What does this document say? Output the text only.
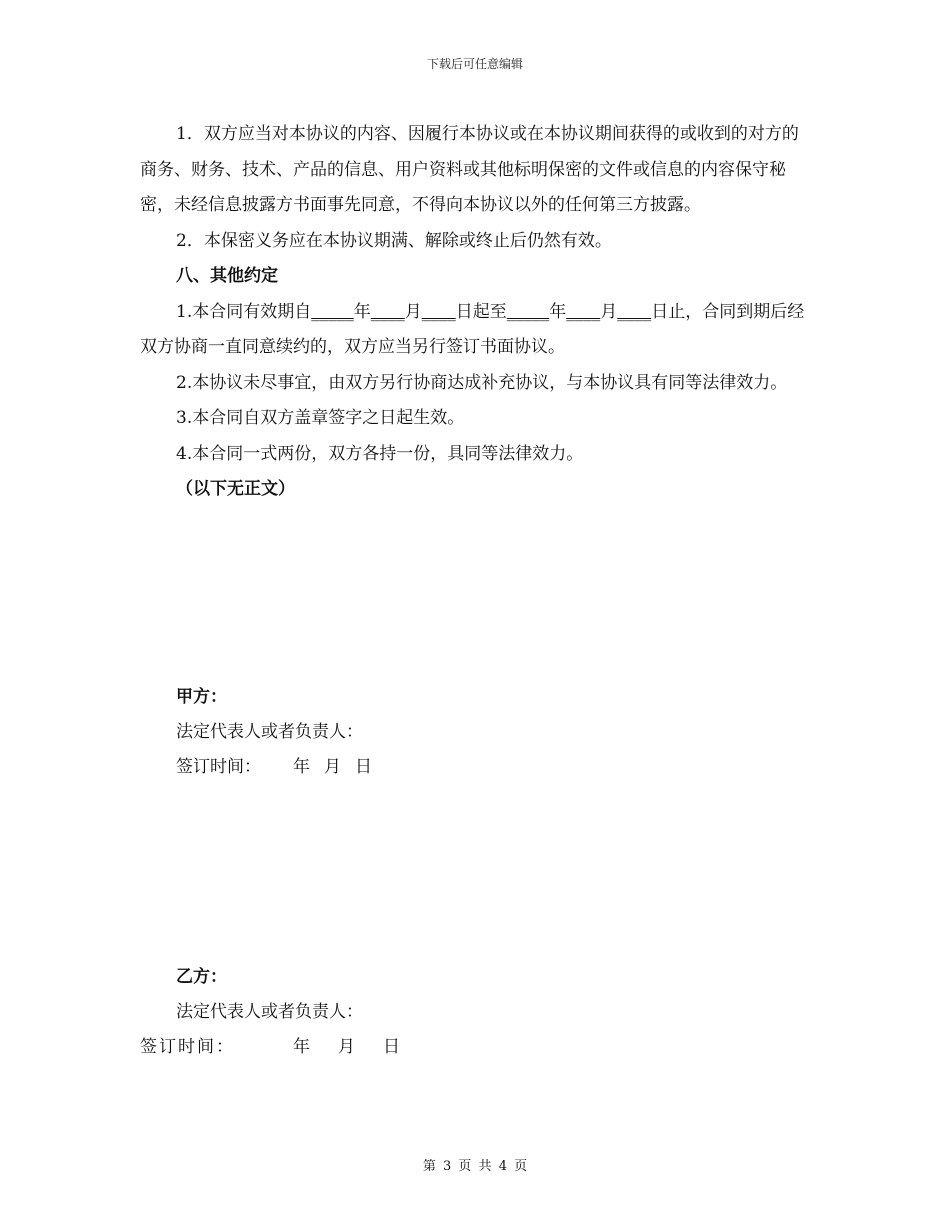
下载后可任意编辑

1．双方应当对本协议的内容、因履行本协议或在本协议期间获得的或收到的对方的商务、财务、技术、产品的信息、用户资料或其他标明保密的文件或信息的内容保守秘密，未经信息披露方书面事先同意，不得向本协议以外的任何第三方披露。

2．本保密义务应在本协议期满、解除或终止后仍然有效。

八、其他约定

1.本合同有效期自_____年____月____日起至_____年____月____日止，合同到期后经双方协商一直同意续约的，双方应当另行签订书面协议。

2.本协议未尽事宜，由双方另行协商达成补充协议，与本协议具有同等法律效力。

3.本合同自双方盖章签字之日起生效。

4.本合同一式两份，双方各持一份，具同等法律效力。

（以下无正文）

甲方：
法定代表人或者负责人：
签订时间： 年 月 日
乙方：
法定代表人或者负责人：
签订时间：	年 月 日
第 3 页 共 4 页
